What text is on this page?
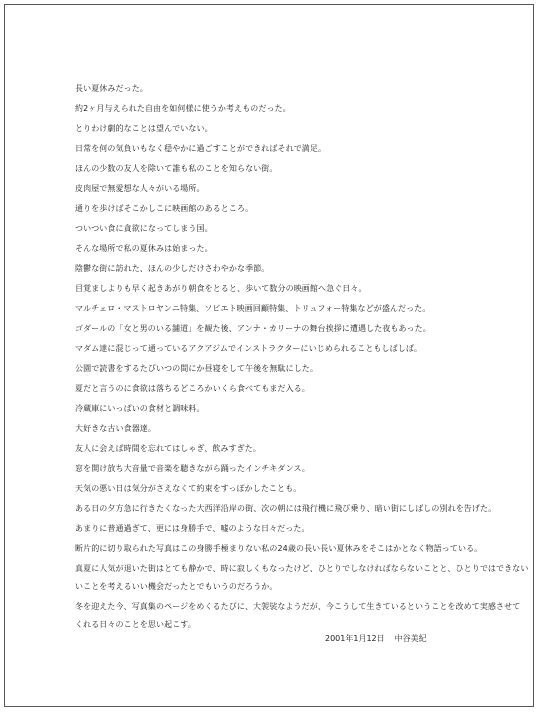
長い夏休みだった。

約2ヶ月与えられた自由を如何様に使うか考えものだった。

とりわけ劇的なことは望んでいない。

日常を何の気負いもなく穏やかに過ごすことができればそれで満足。

ほんの少数の友人を除いて誰も私のことを知らない街。

皮肉屋で無愛想な人々がいる場所。

通りを歩けばそこかしこに映画館のあるところ。

ついつい食に貪欲になってしまう国。

そんな場所で私の夏休みは始まった。

陰鬱な街に訪れた、ほんの少しだけさわやかな季節。

目覚ましよりも早く起きあがり朝食をとると、歩いて数分の映画館へ急ぐ日々。

マルチェロ・マストロヤンニ特集、ソビエト映画回顧特集、トリュフォー特集などが盛んだった。

ゴダールの「女と男のいる舗道」を観た後、アンナ・カリーナの舞台挨拶に遭遇した夜もあった。

マダム達に混じって通っているアクアジムでインストラクターにいじめられることもしばしば。

公園で読書をするたびいつの間にか昼寝をして午後を無駄にした。

夏だと言うのに食欲は落ちるどころかいくら食べてもまだ入る。

冷蔵庫にいっぱいの食材と調味料。

大好きな古い食器達。

友人に会えば時間を忘れてはしゃぎ、飲みすぎた。

窓を開け放ち大音量で音楽を聴きながら踊ったインチキダンス。

天気の悪い日は気分がさえなくて約束をすっぽかしたことも。

ある日の夕方急に行きたくなった大西洋沿岸の街、次の朝には飛行機に飛び乗り、暗い街にしばしの別れを告げた。

あまりに普通過ぎて、更には身勝手で、嘘のような日々だった。

断片的に切り取られた写真はこの身勝手極まりない私の24歳の長い長い夏休みをそこはかとなく物語っている。

真夏に人気が退いた街はとても静かで、時に寂しくもなったけど、ひとりでしなければならないことと、ひとりではできない

いことを考えるいい機会だったとでもいうのだろうか。

冬を迎えた今、写真集のページをめくるたびに、大袈裟なようだが、今こうして生きているということを改めて実感させて

くれる日々のことを思い起こす。

2001年1月12日 中谷美紀
